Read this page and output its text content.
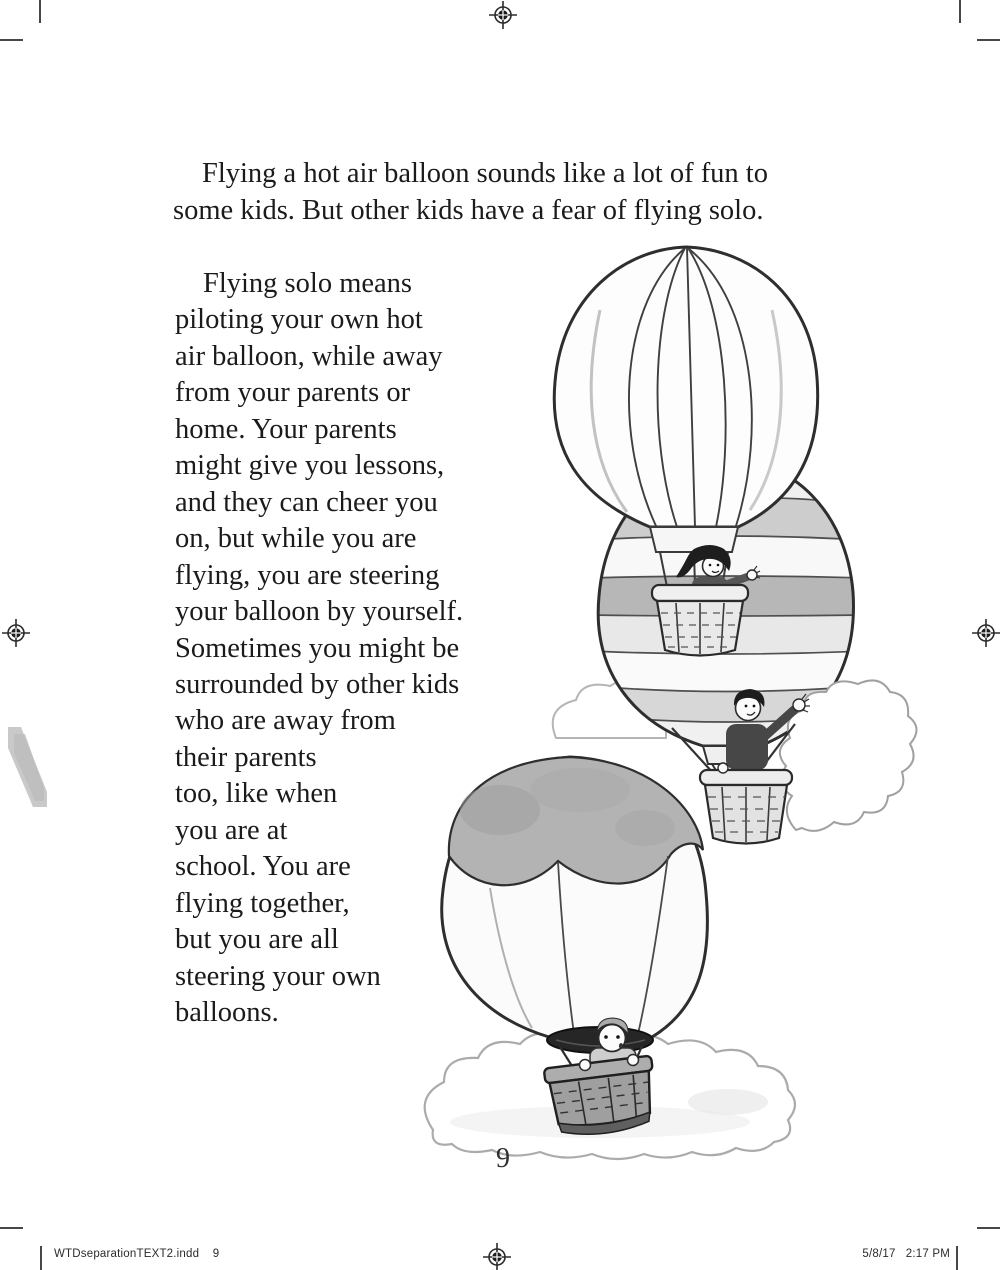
Flying a hot air balloon sounds like a lot of fun to
some kids. But other kids have a fear of flying solo.
Flying solo means
piloting your own hot
air balloon, while away
from your parents or
home. Your parents
might give you lessons,
and they can cheer you
on, but while you are
flying, you are steering
your balloon by yourself.
Sometimes you might be
surrounded by other kids
who are away from
their parents
too, like when
you are at
school. You are
flying together,
but you are all
steering your own
balloons.
9
WTDseparationTEXT2.indd    9	5/8/17   2:17 PM
